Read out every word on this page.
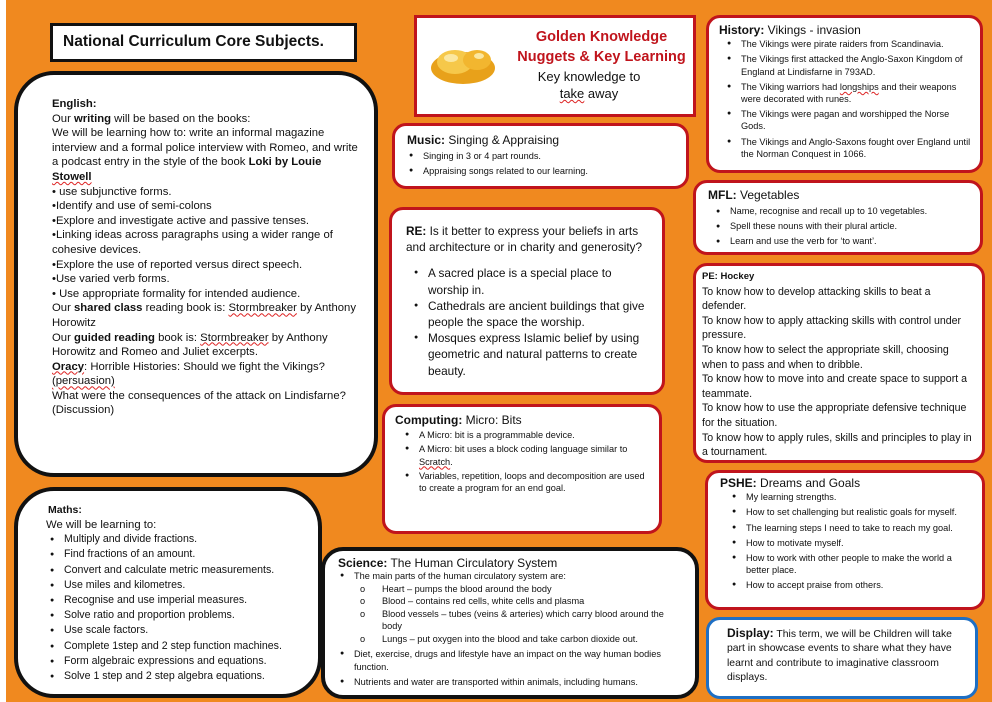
National Curriculum Core Subjects.	Golden Knowledge
Nuggets & Key Learning
Key knowledge to
take away
English:
Our writing will be based on the books:
We will be learning how to: write an informal magazine interview and a formal police interview with Romeo, and write a podcast entry in the style of the book Loki by Louie Stowell
• use subjunctive forms.
•Identify and use of semi-colons
•Explore and investigate active and passive tenses.
•Linking ideas across paragraphs using a wider range of cohesive devices.
•Explore the use of reported versus direct speech.
•Use varied verb forms.
• Use appropriate formality for intended audience.
Our shared class reading book is: Stormbreaker by Anthony Horowitz
Our guided reading book is: Stormbreaker by Anthony Horowitz and Romeo and Juliet excerpts.
Oracy: Horrible Histories: Should we fight the Vikings?
(persuasion)
What were the consequences of the attack on Lindisfarne? (Discussion)
Maths:
We will be learning to:
● Multiply and divide fractions.
● Find fractions of an amount.
● Convert and calculate metric measurements.
● Use miles and kilometres.
● Recognise and use imperial measures.
● Solve ratio and proportion problems.
● Use scale factors.
● Complete 1step and 2 step function machines.
● Form algebraic expressions and equations.
● Solve 1 step and 2 step algebra equations.
Music: Singing & Appraising
● Singing in 3 or 4 part rounds.
● Appraising songs related to our learning.
RE: Is it better to express your beliefs in arts and architecture or in charity and generosity?
● A sacred place is a special place to worship in.
● Cathedrals are ancient buildings that give people the space the worship.
● Mosques express Islamic belief by using geometric and natural patterns to create beauty.
Computing: Micro: Bits
● A Micro: bit is a programmable device.
● A Micro: bit uses a block coding language similar to Scratch.
● Variables, repetition, loops and decomposition are used to create a program for an end goal.
Science: The Human Circulatory System
● The main parts of the human circulatory system are:
o Heart – pumps the blood around the body
o Blood – contains red cells, white cells and plasma
o Blood vessels – tubes (veins & arteries) which carry blood around the body
o Lungs – put oxygen into the blood and take carbon dioxide out.
● Diet, exercise, drugs and lifestyle have an impact on the way human bodies function.
● Nutrients and water are transported within animals, including humans.
History: Vikings - invasion
● The Vikings were pirate raiders from Scandinavia.
● The Vikings first attacked the Anglo-Saxon Kingdom of England at Lindisfarne in 793AD.
● The Viking warriors had longships and their weapons were decorated with runes.
● The Vikings were pagan and worshipped the Norse Gods.
● The Vikings and Anglo-Saxons fought over England until the Norman Conquest in 1066.
MFL: Vegetables
● Name, recognise and recall up to 10 vegetables.
● Spell these nouns with their plural article.
● Learn and use the verb for ‘to want’.
PE: Hockey
To know how to develop attacking skills to beat a defender.
To know how to apply attacking skills with control under pressure.
To know how to select the appropriate skill, choosing when to pass and when to dribble.
To know how to move into and create space to support a teammate.
To know how to use the appropriate defensive technique for the situation.
To know how to apply rules, skills and principles to play in a tournament.
PSHE: Dreams and Goals
● My learning strengths.
● How to set challenging but realistic goals for myself.
● The learning steps I need to take to reach my goal.
● How to motivate myself.
● How to work with other people to make the world a better place.
● How to accept praise from others.
Display: This term, we will be Children will take part in showcase events to share what they have learnt and contribute to imaginative classroom displays.
